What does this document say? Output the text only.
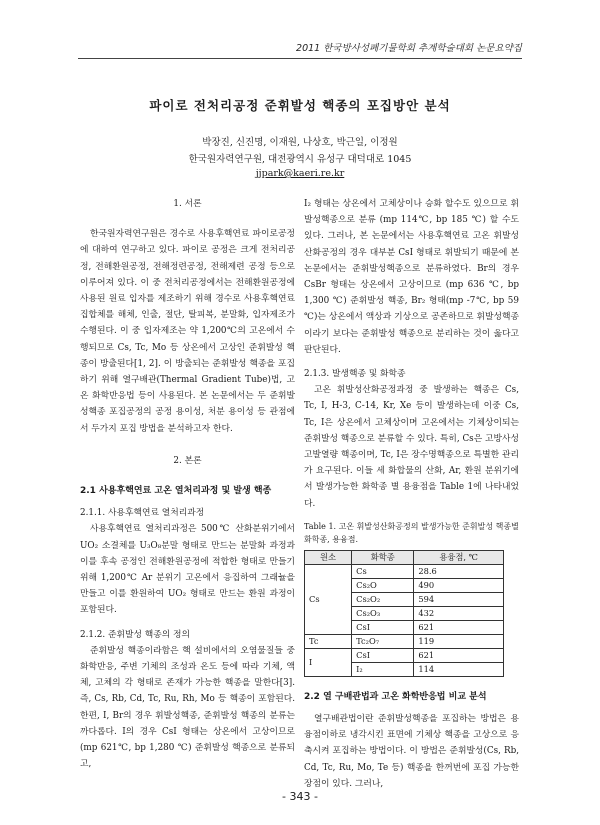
2011 한국방사성폐기물학회 추계학술대회 논문요약집
파이로 전처리공정 준휘발성 핵종의 포집방안 분석
박장진, 신진명, 이재원, 나상호, 박근일, 이정원
한국원자력연구원, 대전광역시 유성구 대덕대로 1045
jjpark@kaeri.re.kr
1. 서론

한국원자력연구원은 경수로 사용후핵연료 파이로공정에 대하여 연구하고 있다. 파이로 공정은 크게 전처리공정, 전해환원공정, 전해정련공정, 전해제련 공정 등으로 이루어져 있다. 이 중 전처리공정에서는 전해환원공정에 사용된 원료 입자를 제조하기 위해 경수로 사용후핵연료 집합체를 해체, 인출, 절단, 탈피복, 분말화, 입자제조가 수행된다. 이 중 입자제조는 약 1,200℃의 고온에서 수행되므로 Cs, Tc, Mo 등 상온에서 고상인 준휘발성 핵종이 방출된다[1, 2]. 이 방출되는 준휘발성 핵종을 포집하기 위해 열구배관(Thermal Gradient Tube)법, 고온 화학반응법 등이 사용된다. 본 논문에서는 두 준휘발성핵종 포집공정의 공정 용이성, 처분 용이성 등 관점에서 두가지 포집 방법을 분석하고자 한다.

2. 본론
2.1 사용후핵연료 고온 열처리과정 및 발생 핵종
2.1.1. 사용후핵연료 열처리과정

사용후핵연료 열처리과정은 500℃ 산화분위기에서 UO₂ 소결체를 U₃O₈분말 형태로 만드는 분말화 과정과 이를 후속 공정인 전해환원공정에 적합한 형태로 만들기위해 1,200℃ Ar 분위기 고온에서 응집하여 그래뉼을 만들고 이를 환원하여 UO₂ 형태로 만드는 환원 과정이 포함된다.

2.1.2. 준휘발성 핵종의 정의

준휘발성 핵종이라함은 핵 설비에서의 오염물질들 중 화학반응, 주변 기체의 조성과 온도 등에 따라 기체, 액체, 고체의 각 형태로 존재가 가능한 핵종을 말한다[3]. 즉, Cs, Rb, Cd, Tc, Ru, Rh, Mo 등 핵종이 포함된다. 한편, I, Br의 경우 휘발성핵종, 준휘발성 핵종의 분류는 까다롭다. I의 경우 CsI 형태는 상온에서 고상이므로 (mp 621℃, bp 1,280 ℃) 준휘발성 핵종으로 분류되고,

I₂ 형태는 상온에서 고체상이나 승화 할수도 있으므로 휘발성핵종으로 분류 (mp 114℃, bp 185 ℃) 할 수도 있다. 그러나, 본 논문에서는 사용후핵연료 고온 휘발성산화공정의 경우 대부분 CsI 형태로 휘발되기 때문에 본 논문에서는 준휘발성핵종으로 분류하였다. Br의 경우 CsBr 형태는 상온에서 고상이므로 (mp 636 ℃, bp 1,300 ℃) 준휘발성 핵종, Br₂ 형태(mp -7℃, bp 59 ℃)는 상온에서 액상과 기상으로 공존하므로 휘발성핵종이라기 보다는 준휘발성 핵종으로 분리하는 것이 옳다고 판단된다.

2.1.3. 발생핵종 및 화학종

고온 휘발성산화공정과정 중 발생하는 핵종은 Cs, Tc, I, H-3, C-14, Kr, Xe 등이 발생하는데 이중 Cs, Tc, I은 상온에서 고체상이며 고온에서는 기체상이되는 준휘발성 핵종으로 분류할 수 있다. 특히, Cs은 고방사성 고발열량 핵종이며, Tc, I은 장수명핵종으로 특별한 관리가 요구된다. 이들 세 화합물의 산화, Ar, 환원 분위기에서 발생가능한 화학종 별 용융점을 Table 1에 나타내었다.

Table 1. 고온 휘발성산화공정의 발생가능한 준휘발성 핵종별 화학종, 용융점.
원소	화학종	용융점, ℃
Cs	Cs	28.6
	Cs₂O	490
	Cs₂O₂	594
	Cs₂O₃	432
	CsI	621
Tc	Tc₂O₇	119
I	CsI	621
	I₂	114
2.2 열 구배관법과 고온 화학반응법 비교 분석

열구배관법이란 준휘발성핵종을 포집하는 방법은 용융점이하로 냉각시킨 표면에 기체상 핵종을 고상으로 응축시켜 포집하는 방법이다. 이 방법은 준휘발성(Cs, Rb, Cd, Tc, Ru, Mo, Te 등) 핵종을 한꺼번에 포집 가능한 장점이 있다. 그러나,

- 343 -
